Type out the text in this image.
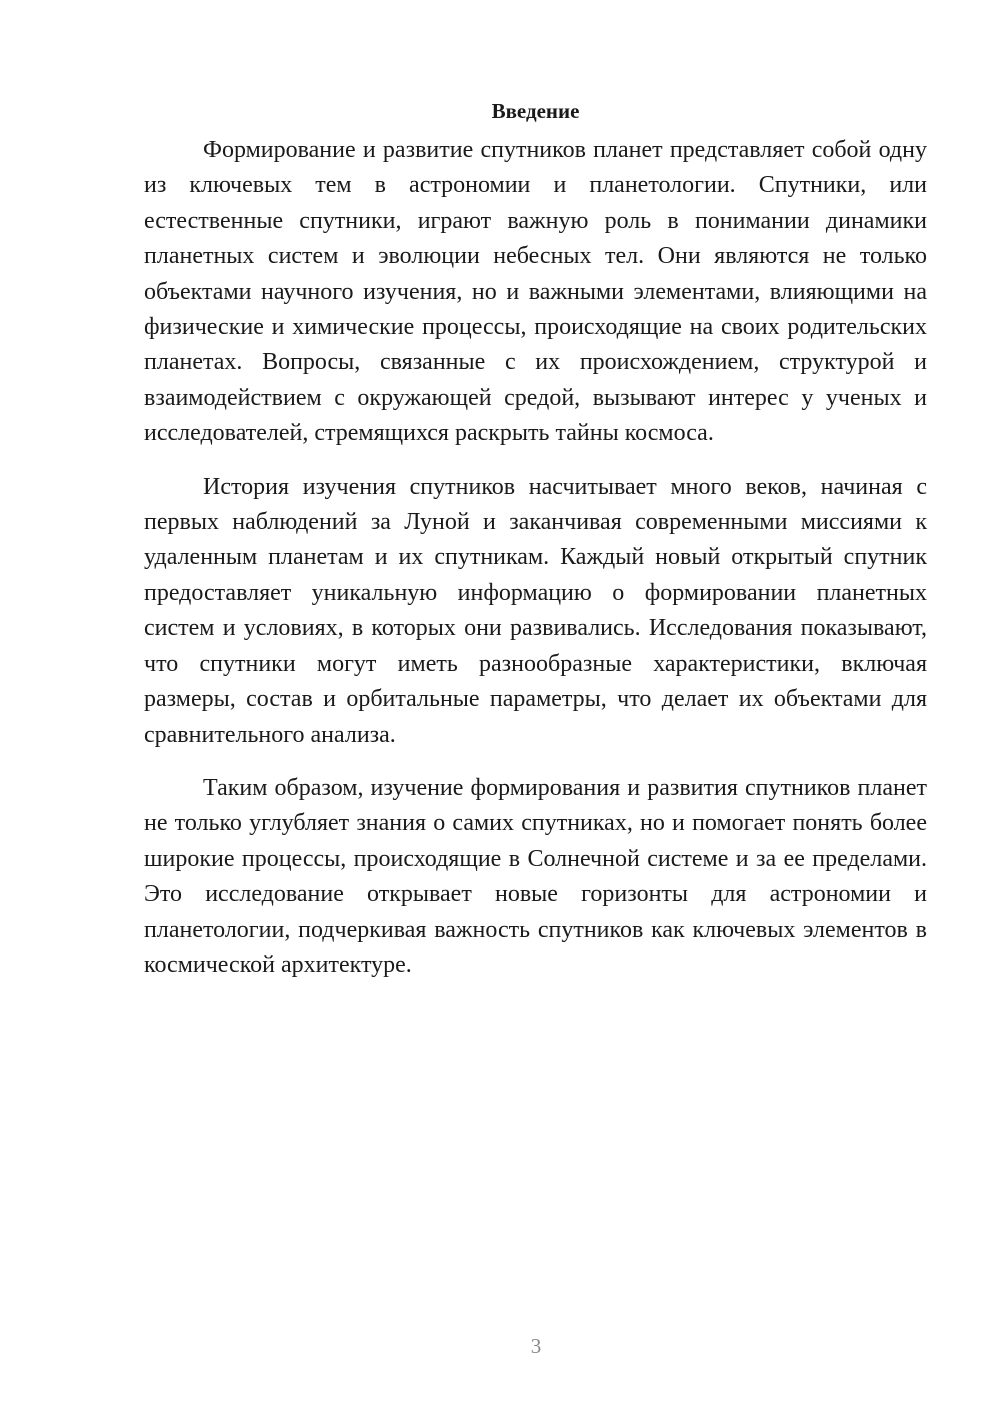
Введение

Формирование и развитие спутников планет представляет собой одну из ключевых тем в астрономии и планетологии. Спутники, или естественные спутники, играют важную роль в понимании динамики планетных систем и эволюции небесных тел. Они являются не только объектами научного изучения, но и важными элементами, влияющими на физические и химические процессы, происходящие на своих родительских планетах. Вопросы, связанные с их происхождением, структурой и взаимодействием с окружающей средой, вызывают интерес у ученых и исследователей, стремящихся раскрыть тайны космоса.

История изучения спутников насчитывает много веков, начиная с первых наблюдений за Луной и заканчивая современными миссиями к удаленным планетам и их спутникам. Каждый новый открытый спутник предоставляет уникальную информацию о формировании планетных систем и условиях, в которых они развивались. Исследования показывают, что спутники могут иметь разнообразные характеристики, включая размеры, состав и орбитальные параметры, что делает их объектами для сравнительного анализа.

Таким образом, изучение формирования и развития спутников планет не только углубляет знания о самих спутниках, но и помогает понять более широкие процессы, происходящие в Солнечной системе и за ее пределами. Это исследование открывает новые горизонты для астрономии и планетологии, подчеркивая важность спутников как ключевых элементов в космической архитектуре.

3
